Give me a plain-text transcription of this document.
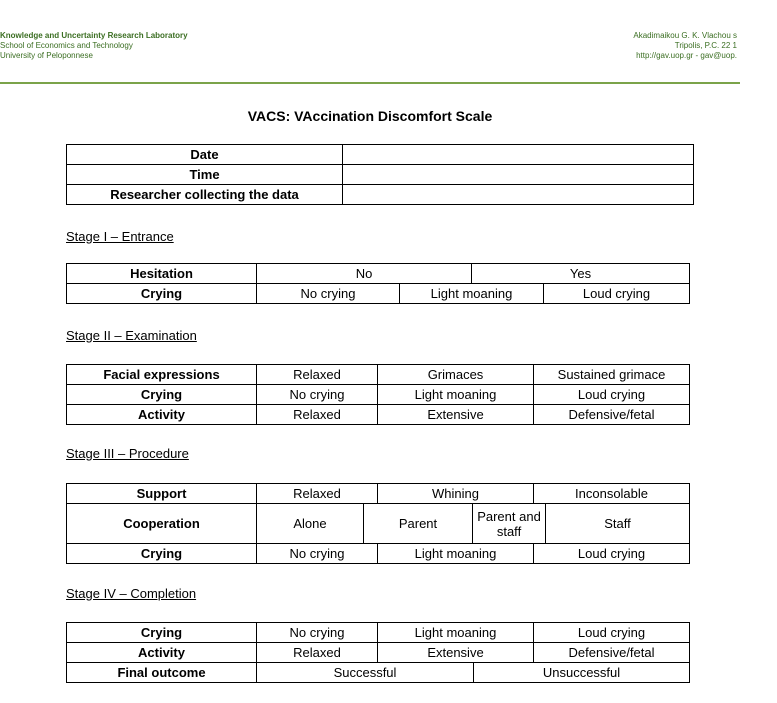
Knowledge and Uncertainty Research Laboratory
School of Economics and Technology
University of Peloponnese
Akadimaikou G. K. Vlachou s
Tripolis, P.C. 22 1
http://gav.uop.gr - gav@uop.
VACS: VAccination Discomfort Scale
Date	
Time	
Researcher collecting the data	
Stage I – Entrance
Hesitation	No		Yes	
Crying	No crying	Light moaning		Loud crying
Stage II – Examination
Facial expressions	Relaxed	Grimaces	Sustained grimace
Crying	No crying	Light moaning	Loud crying
Activity	Relaxed	Extensive	Defensive/fetal
Stage III – Procedure
Support	Relaxed		Whining		Inconsolable	
Cooperation	Alone	Parent		Parent and staff		Staff
Crying	No crying		Light moaning		Loud crying	
Stage IV – Completion
Crying	No crying	Light moaning		Loud crying
Activity	Relaxed	Extensive		Defensive/fetal
Final outcome	Successful		Unsuccessful	
